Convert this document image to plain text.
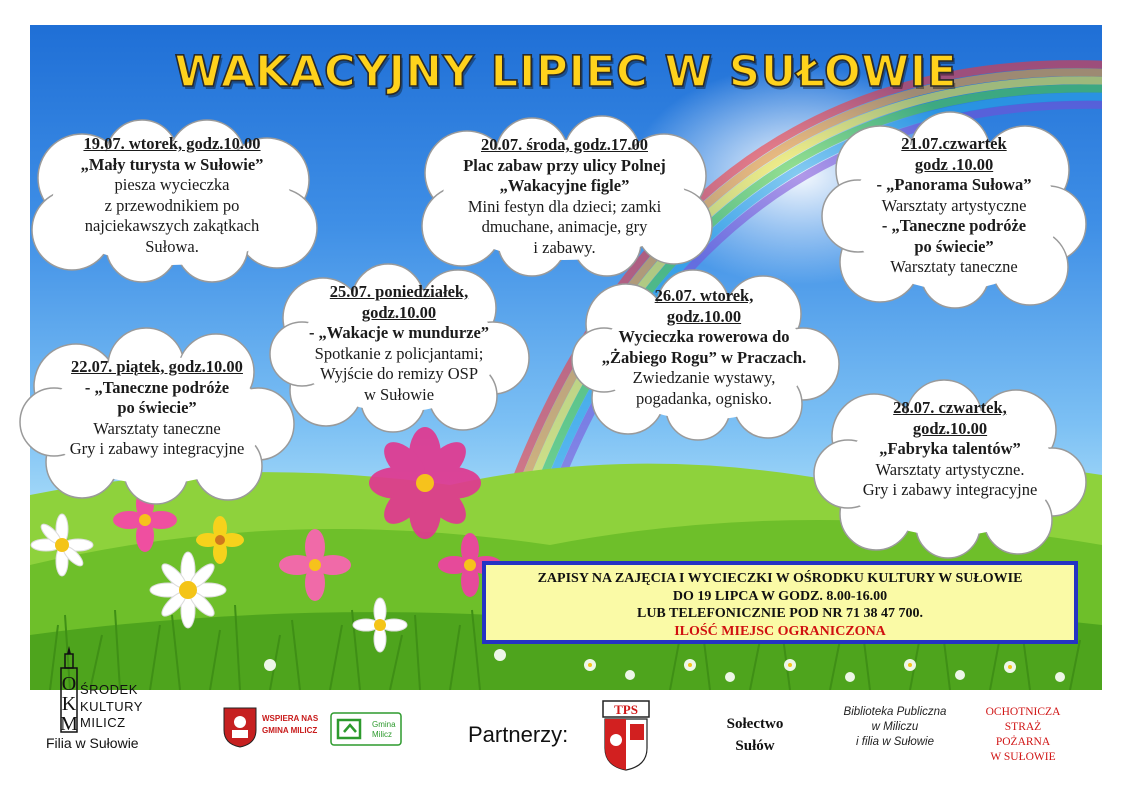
WAKACYJNY LIPIEC W SUŁOWIE
19.07. wtorek, godz.10.00
„Mały turysta w Sułowie”
piesza wycieczka
z przewodnikiem po
najciekawszych zakątkach
Sułowa.
20.07. środa, godz.17.00
Plac zabaw przy ulicy Polnej
„Wakacyjne figle”
Mini festyn dla dzieci; zamki
dmuchane, animacje, gry
i zabawy.
21.07.czwartek
godz .10.00
- „Panorama Sułowa”
Warsztaty artystyczne
- „Taneczne podróże
po świecie”
Warsztaty taneczne
25.07. poniedziałek,
godz.10.00
- „Wakacje w mundurze”
Spotkanie z policjantami;
Wyjście do remizy OSP
w Sułowie
26.07. wtorek,
godz.10.00
Wycieczka rowerowa do
„Żabiego Rogu” w Praczach.
Zwiedzanie wystawy,
pogadanka, ognisko.
22.07. piątek, godz.10.00
- „Taneczne podróże
po świecie”
Warsztaty taneczne
Gry i zabawy integracyjne
28.07. czwartek,
godz.10.00
„Fabryka talentów”
Warsztaty artystyczne.
Gry i zabawy integracyjne
ZAPISY NA ZAJĘCIA I WYCIECZKI W OŚRODKU KULTURY W SUŁOWIE
DO 19 LIPCA W GODZ. 8.00-16.00
LUB TELEFONICZNIE POD NR 71 38 47 700.
ILOŚĆ MIEJSC OGRANICZONA
O
K
M
ŚRODEK
KULTURY
MILICZ
Filia w Sułowie
WSPIERA NAS
GMINA MILICZ
Gmina
Milicz	Partnerzy:
TPS
Sołectwo
Sułów
Biblioteka Publiczna
w Miliczu
i filia w Sułowie
OCHOTNICZA
STRAŻ
POŻARNA
W SUŁOWIE
